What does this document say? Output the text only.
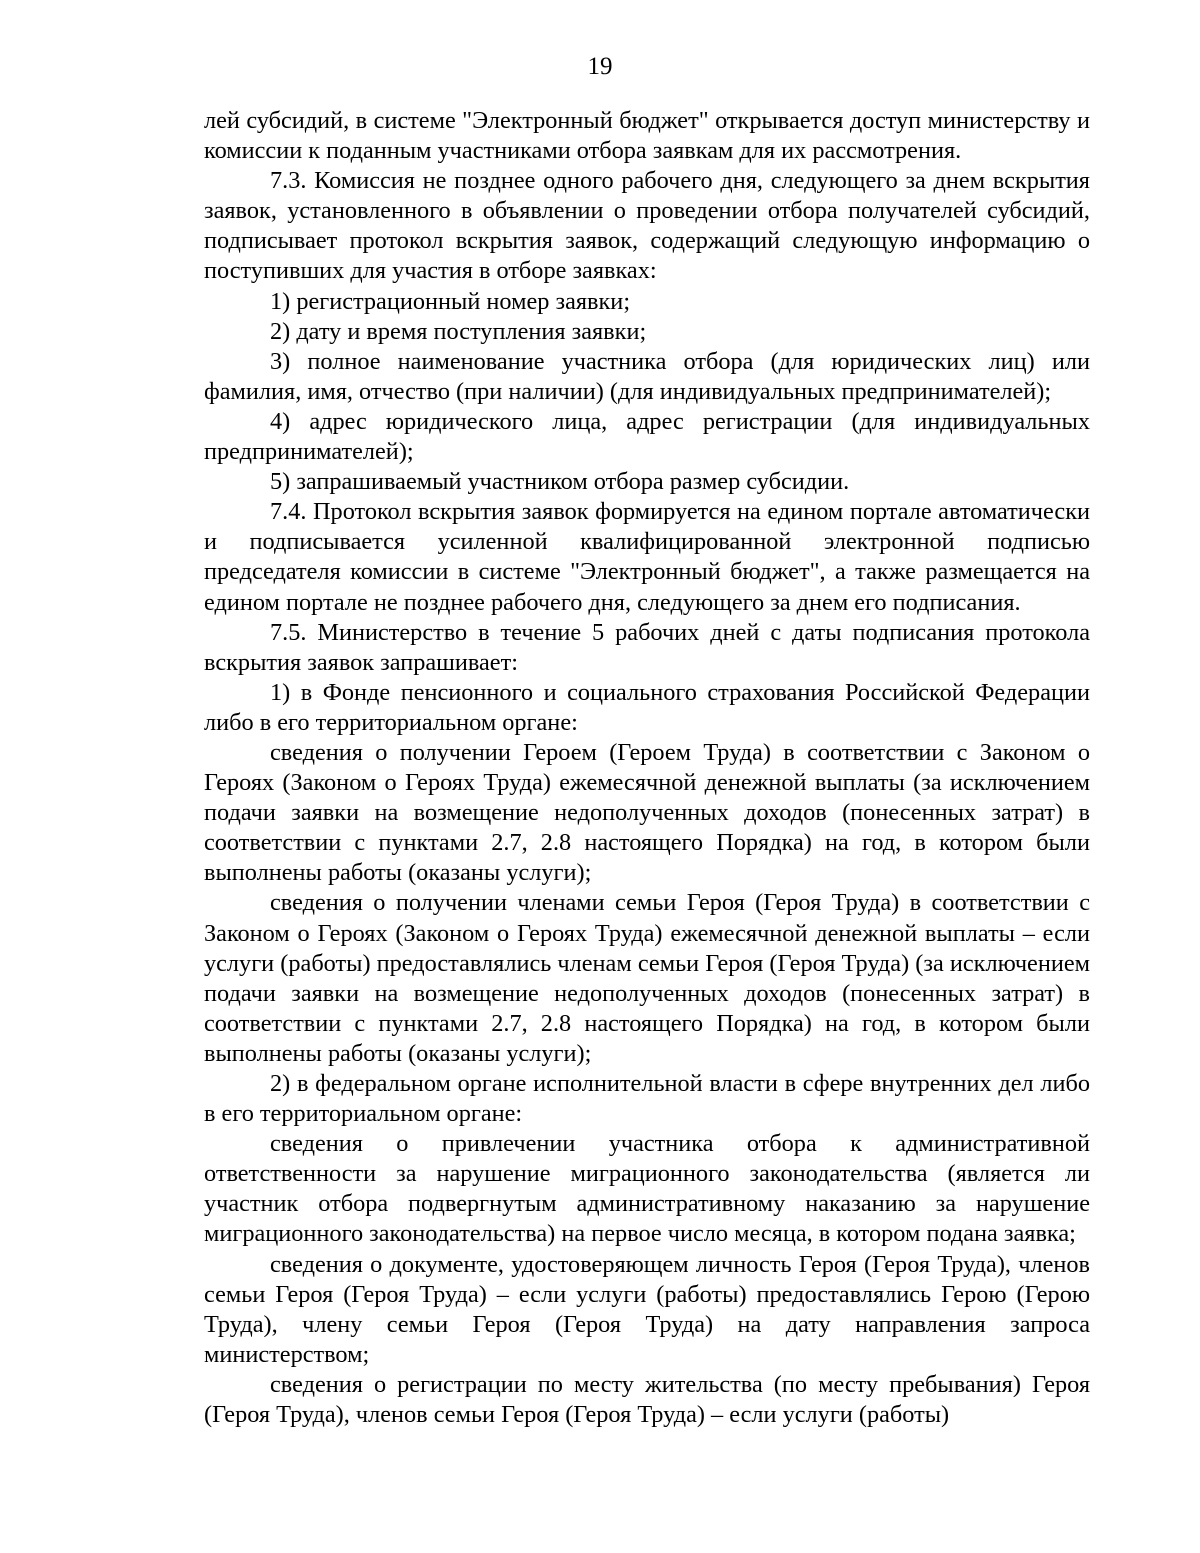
19

лей субсидий, в системе "Электронный бюджет" открывается доступ министерству и комиссии к поданным участниками отбора заявкам для их рассмотрения.

7.3. Комиссия не позднее одного рабочего дня, следующего за днем вскрытия заявок, установленного в объявлении о проведении отбора получателей субсидий, подписывает протокол вскрытия заявок, содержащий следующую информацию о поступивших для участия в отборе заявках:

1) регистрационный номер заявки;

2) дату и время поступления заявки;

3) полное наименование участника отбора (для юридических лиц) или фамилия, имя, отчество (при наличии) (для индивидуальных предпринимателей);

4) адрес юридического лица, адрес регистрации (для индивидуальных предпринимателей);

5) запрашиваемый участником отбора размер субсидии.

7.4. Протокол вскрытия заявок формируется на едином портале автоматически и подписывается усиленной квалифицированной электронной подписью председателя комиссии в системе "Электронный бюджет", а также размещается на едином портале не позднее рабочего дня, следующего за днем его подписания.

7.5. Министерство в течение 5 рабочих дней с даты подписания протокола вскрытия заявок запрашивает:

1) в Фонде пенсионного и социального страхования Российской Федерации либо в его территориальном органе:

сведения о получении Героем (Героем Труда) в соответствии с Законом о Героях (Законом о Героях Труда) ежемесячной денежной выплаты (за исключением подачи заявки на возмещение недополученных доходов (понесенных затрат) в соответствии с пунктами 2.7, 2.8 настоящего Порядка) на год, в котором были выполнены работы (оказаны услуги);

сведения о получении членами семьи Героя (Героя Труда) в соответствии с Законом о Героях (Законом о Героях Труда) ежемесячной денежной выплаты – если услуги (работы) предоставлялись членам семьи Героя (Героя Труда) (за исключением подачи заявки на возмещение недополученных доходов (понесенных затрат) в соответствии с пунктами 2.7, 2.8 настоящего Порядка) на год, в котором были выполнены работы (оказаны услуги);

2) в федеральном органе исполнительной власти в сфере внутренних дел либо в его территориальном органе:

сведения о привлечении участника отбора к административной ответственности за нарушение миграционного законодательства (является ли участник отбора подвергнутым административному наказанию за нарушение миграционного законодательства) на первое число месяца, в котором подана заявка;

сведения о документе, удостоверяющем личность Героя (Героя Труда), членов семьи Героя (Героя Труда) – если услуги (работы) предоставлялись Герою (Герою Труда), члену семьи Героя (Героя Труда) на дату направления запроса министерством;

сведения о регистрации по месту жительства (по месту пребывания) Героя (Героя Труда), членов семьи Героя (Героя Труда) – если услуги (работы)
